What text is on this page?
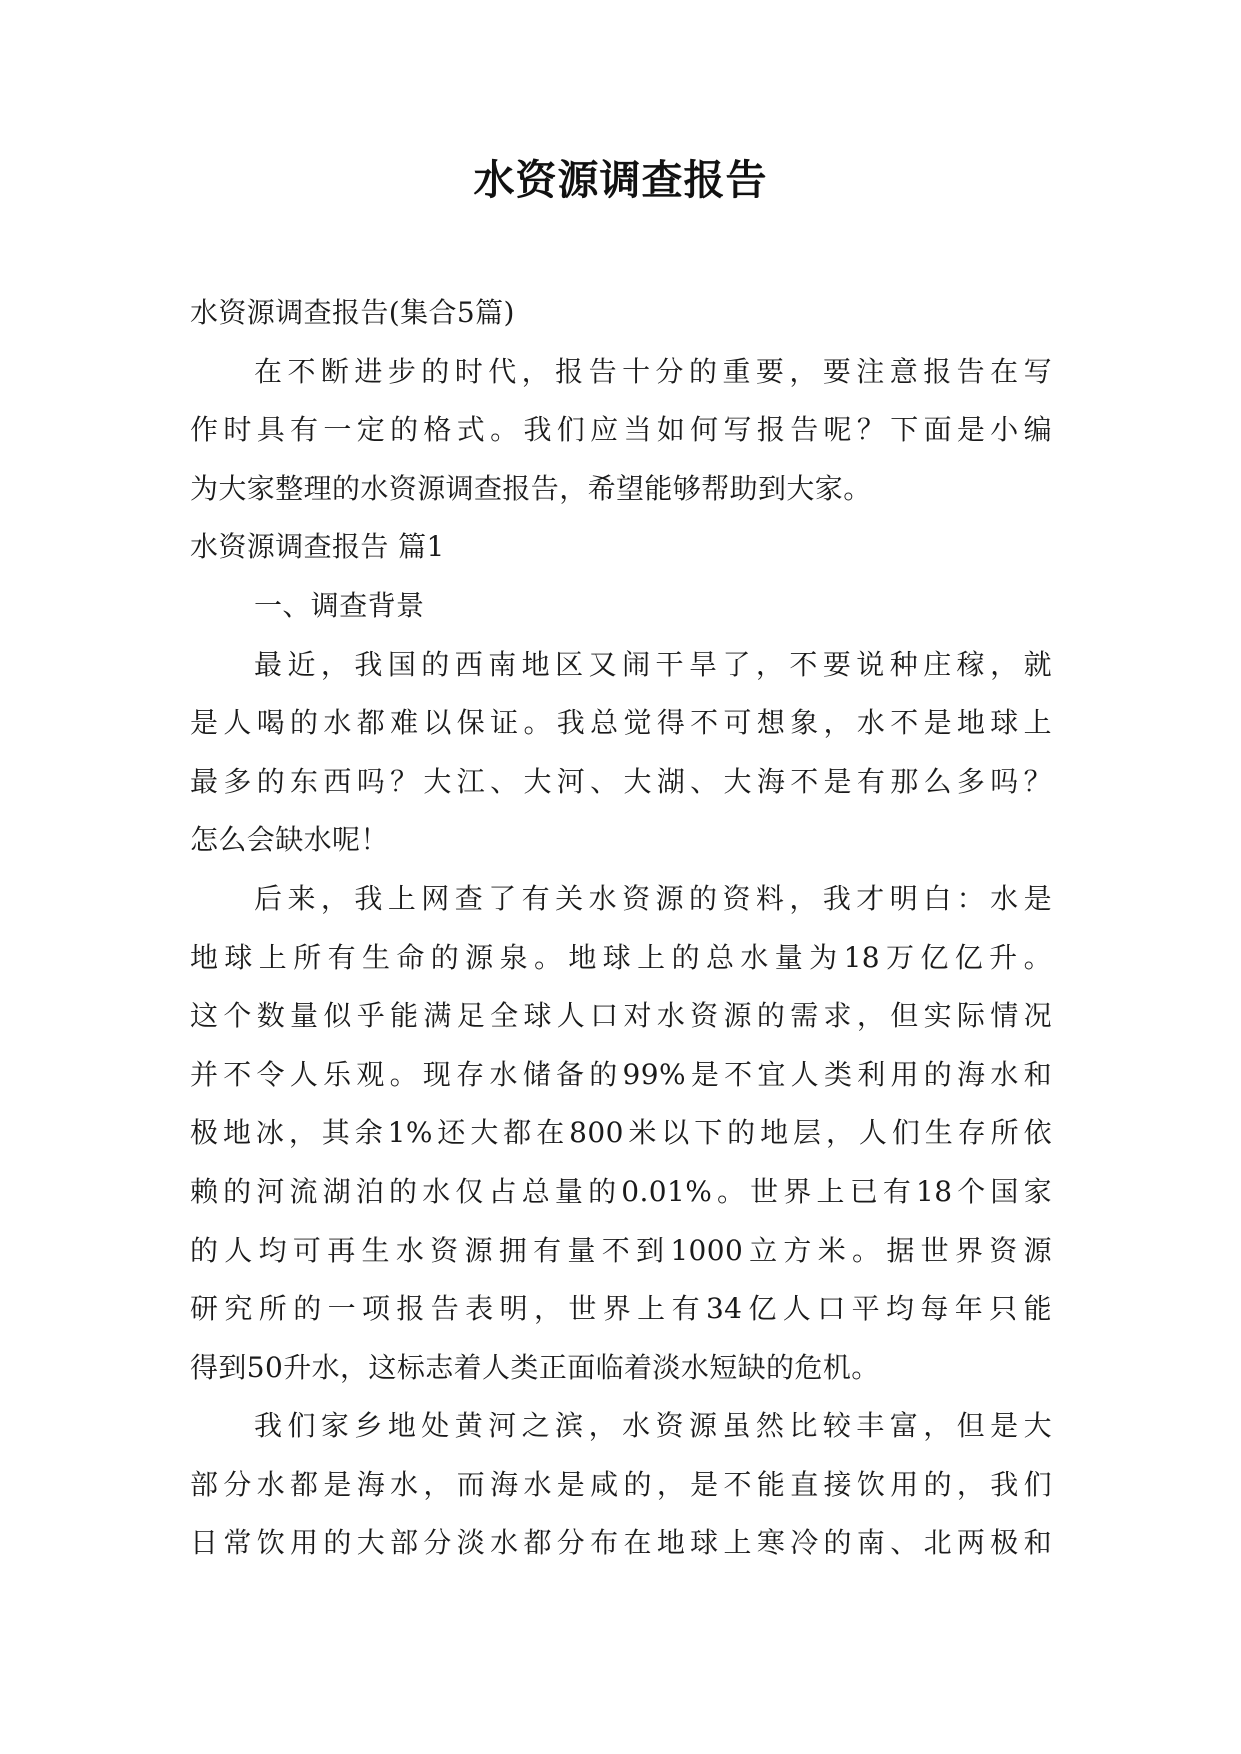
水资源调查报告
水资源调查报告(集合5篇)
在不断进步的时代，报告十分的重要，要注意报告在写
作时具有一定的格式。我们应当如何写报告呢？下面是小编
为大家整理的水资源调查报告，希望能够帮助到大家。
水资源调查报告 篇1
一、调查背景
最近，我国的西南地区又闹干旱了，不要说种庄稼，就
是人喝的水都难以保证。我总觉得不可想象，水不是地球上
最多的东西吗？大江、大河、大湖、大海不是有那么多吗？
怎么会缺水呢！
后来，我上网查了有关水资源的资料，我才明白：水是
地球上所有生命的源泉。地球上的总水量为18万亿亿升。
这个数量似乎能满足全球人口对水资源的需求，但实际情况
并不令人乐观。现存水储备的99%是不宜人类利用的海水和
极地冰，其余1%还大都在800米以下的地层，人们生存所依
赖的河流湖泊的水仅占总量的0.01%。世界上已有18个国家
的人均可再生水资源拥有量不到1000立方米。据世界资源
研究所的一项报告表明，世界上有34亿人口平均每年只能
得到50升水，这标志着人类正面临着淡水短缺的危机。
我们家乡地处黄河之滨，水资源虽然比较丰富，但是大
部分水都是海水，而海水是咸的，是不能直接饮用的，我们
日常饮用的大部分淡水都分布在地球上寒冷的南、北两极和
